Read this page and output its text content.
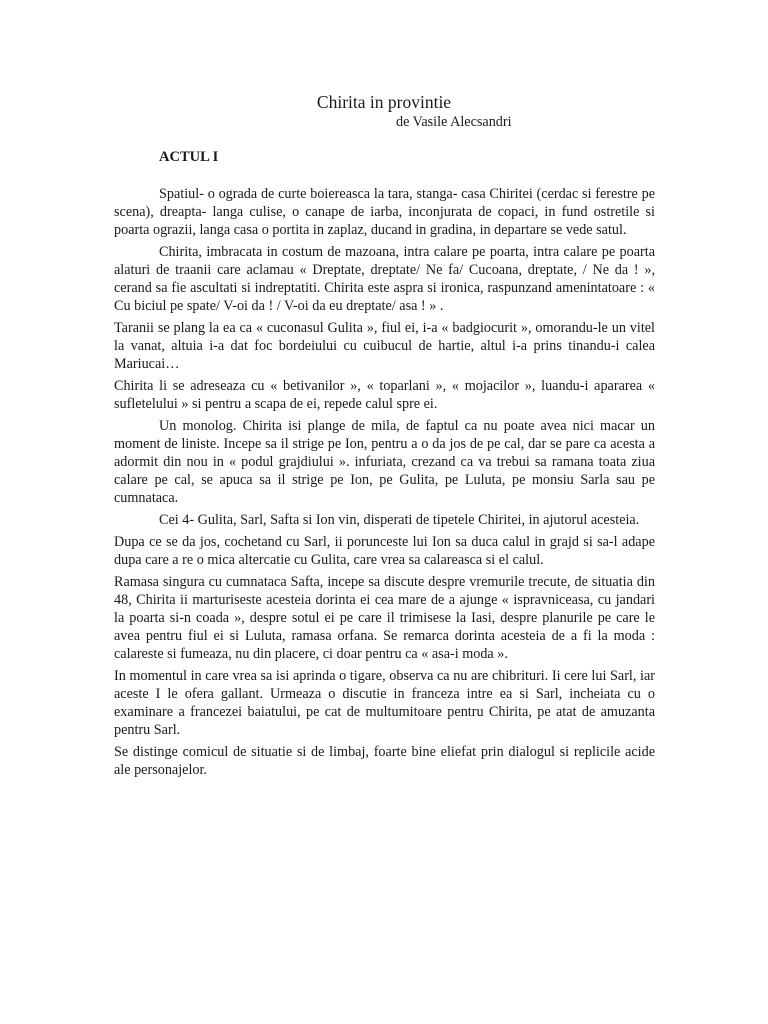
Chirita in provintie
de Vasile Alecsandri
ACTUL I

Spatiul- o ograda de curte boiereasca la tara, stanga- casa Chiritei (cerdac si ferestre pe scena), dreapta- langa culise, o canape de iarba, inconjurata de copaci, in fund ostretile si poarta ograzii, langa casa o portita in zaplaz, ducand in gradina, in departare se vede satul.

Chirita, imbracata in costum de mazoana, intra calare pe poarta, intra calare pe poarta alaturi de traanii care aclamau « Dreptate, dreptate/ Ne fa/ Cucoana, dreptate, / Ne da ! », cerand sa fie ascultati si indreptatiti. Chirita este aspra si ironica, raspunzand amenintatoare : « Cu biciul pe spate/ V-oi da ! / V-oi da eu dreptate/ asa ! » .

Taranii se plang la ea ca « cuconasul Gulita », fiul ei, i-a « badgiocurit », omorandu-le un vitel la vanat, altuia i-a dat foc bordeiului cu cuibucul de hartie, altul i-a prins tinandu-i calea Mariucai…

Chirita li se adreseaza cu « betivanilor », « toparlani », « mojacilor », luandu-i apararea « sufletelului » si pentru a scapa de ei, repede calul spre ei.

Un monolog. Chirita isi plange de mila, de faptul ca nu poate avea nici macar un moment de liniste. Incepe sa il strige pe Ion, pentru a o da jos de pe cal, dar se pare ca acesta a adormit din nou in « podul grajdiului ». infuriata, crezand ca va trebui sa ramana toata ziua calare pe cal, se apuca sa il strige pe Ion, pe Gulita, pe Luluta, pe monsiu Sarla sau pe cumnataca.

Cei 4- Gulita, Sarl, Safta si Ion vin, disperati de tipetele Chiritei, in ajutorul acesteia.

Dupa ce se da jos, cochetand cu Sarl, ii porunceste lui Ion sa duca calul in grajd si sa-l adape dupa care a re o mica altercatie cu Gulita, care vrea sa calareasca si el calul.

Ramasa singura cu cumnataca Safta, incepe sa discute despre vremurile trecute, de situatia din 48, Chirita ii marturiseste acesteia dorinta ei cea mare de a ajunge « ispravniceasa, cu jandari la poarta si-n coada », despre sotul ei pe care il trimisese la Iasi, despre planurile pe care le avea pentru fiul ei si Luluta, ramasa orfana. Se remarca dorinta acesteia de a fi la moda : calareste si fumeaza, nu din placere, ci doar pentru ca « asa-i moda ».

In momentul in care vrea sa isi aprinda o tigare, observa ca nu are chibrituri. Ii cere lui Sarl, iar aceste I le ofera gallant. Urmeaza o discutie in franceza intre ea si Sarl, incheiata cu o examinare a francezei baiatului, pe cat de multumitoare pentru Chirita, pe atat de amuzanta pentru Sarl.

Se distinge comicul de situatie si de limbaj, foarte bine eliefat prin dialogul si replicile acide ale personajelor.
